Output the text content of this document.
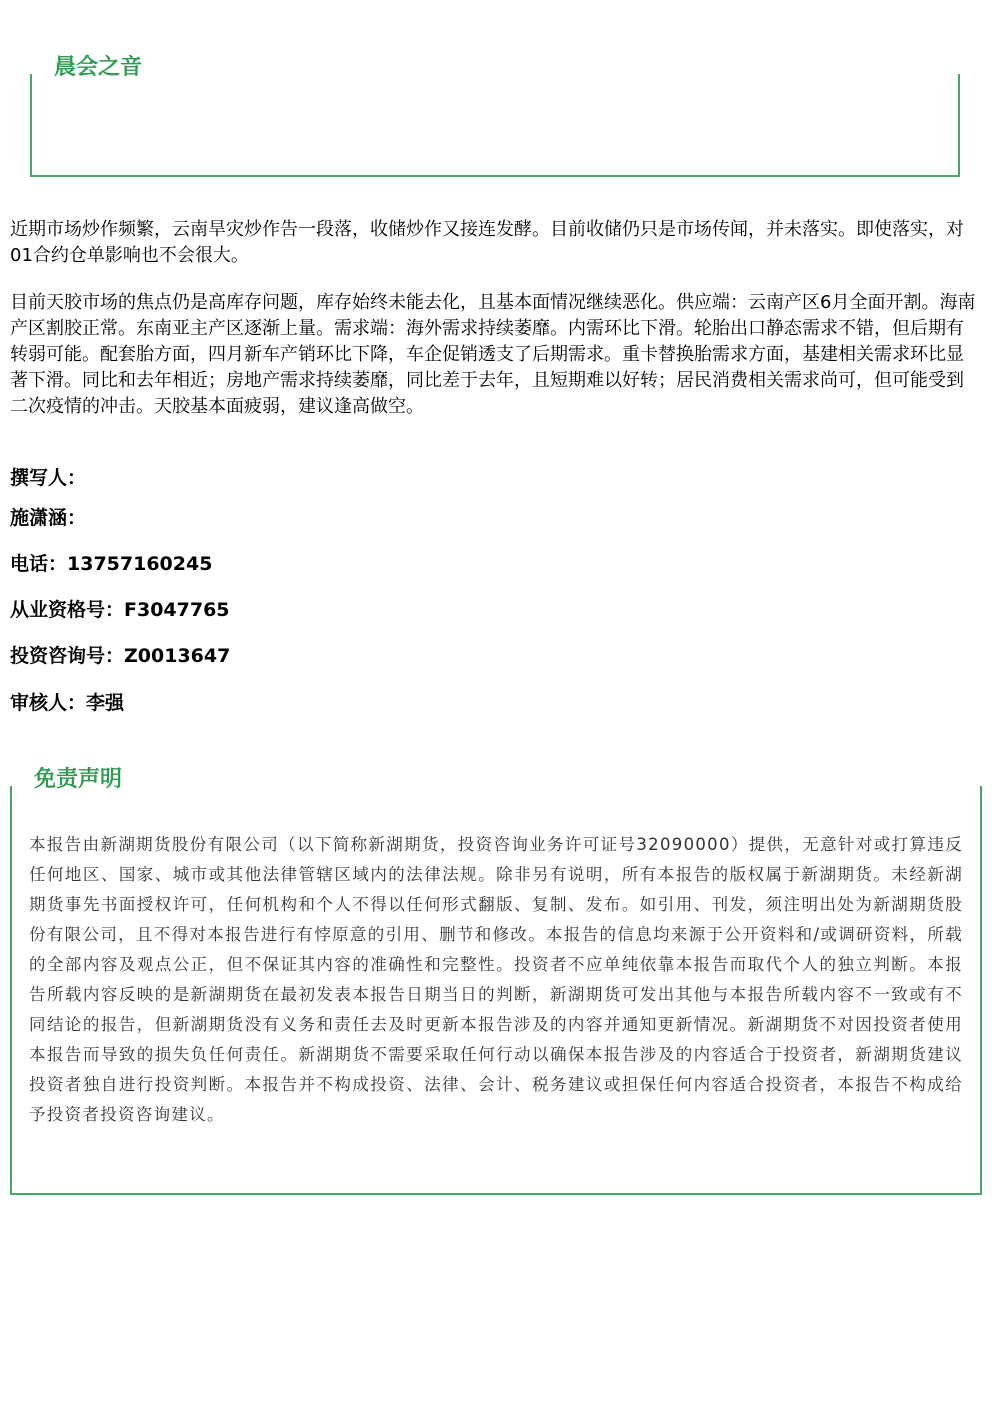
晨会之音

近期市场炒作频繁，云南旱灾炒作告一段落，收储炒作又接连发酵。目前收储仍只是市场传闻，并未落实。即使落实，对01合约仓单影响也不会很大。

目前天胶市场的焦点仍是高库存问题，库存始终未能去化，且基本面情况继续恶化。供应端：云南产区6月全面开割。海南产区割胶正常。东南亚主产区逐渐上量。需求端：海外需求持续萎靡。内需环比下滑。轮胎出口静态需求不错，但后期有转弱可能。配套胎方面，四月新车产销环比下降，车企促销透支了后期需求。重卡替换胎需求方面，基建相关需求环比显著下滑。同比和去年相近；房地产需求持续萎靡，同比差于去年，且短期难以好转；居民消费相关需求尚可，但可能受到二次疫情的冲击。天胶基本面疲弱，建议逢高做空。

撰写人：

施潇涵：

电话：13757160245

从业资格号：F3047765

投资咨询号：Z0013647

审核人：李强

免责声明

本报告由新湖期货股份有限公司（以下简称新湖期货，投资咨询业务许可证号32090000）提供，无意针对或打算违反任何地区、国家、城市或其他法律管辖区域内的法律法规。除非另有说明，所有本报告的版权属于新湖期货。未经新湖期货事先书面授权许可，任何机构和个人不得以任何形式翻版、复制、发布。如引用、刊发，须注明出处为新湖期货股份有限公司，且不得对本报告进行有悖原意的引用、删节和修改。本报告的信息均来源于公开资料和/或调研资料，所载的全部内容及观点公正，但不保证其内容的准确性和完整性。投资者不应单纯依靠本报告而取代个人的独立判断。本报告所载内容反映的是新湖期货在最初发表本报告日期当日的判断，新湖期货可发出其他与本报告所载内容不一致或有不同结论的报告，但新湖期货没有义务和责任去及时更新本报告涉及的内容并通知更新情况。新湖期货不对因投资者使用本报告而导致的损失负任何责任。新湖期货不需要采取任何行动以确保本报告涉及的内容适合于投资者，新湖期货建议投资者独自进行投资判断。本报告并不构成投资、法律、会计、税务建议或担保任何内容适合投资者，本报告不构成给予投资者投资咨询建议。
